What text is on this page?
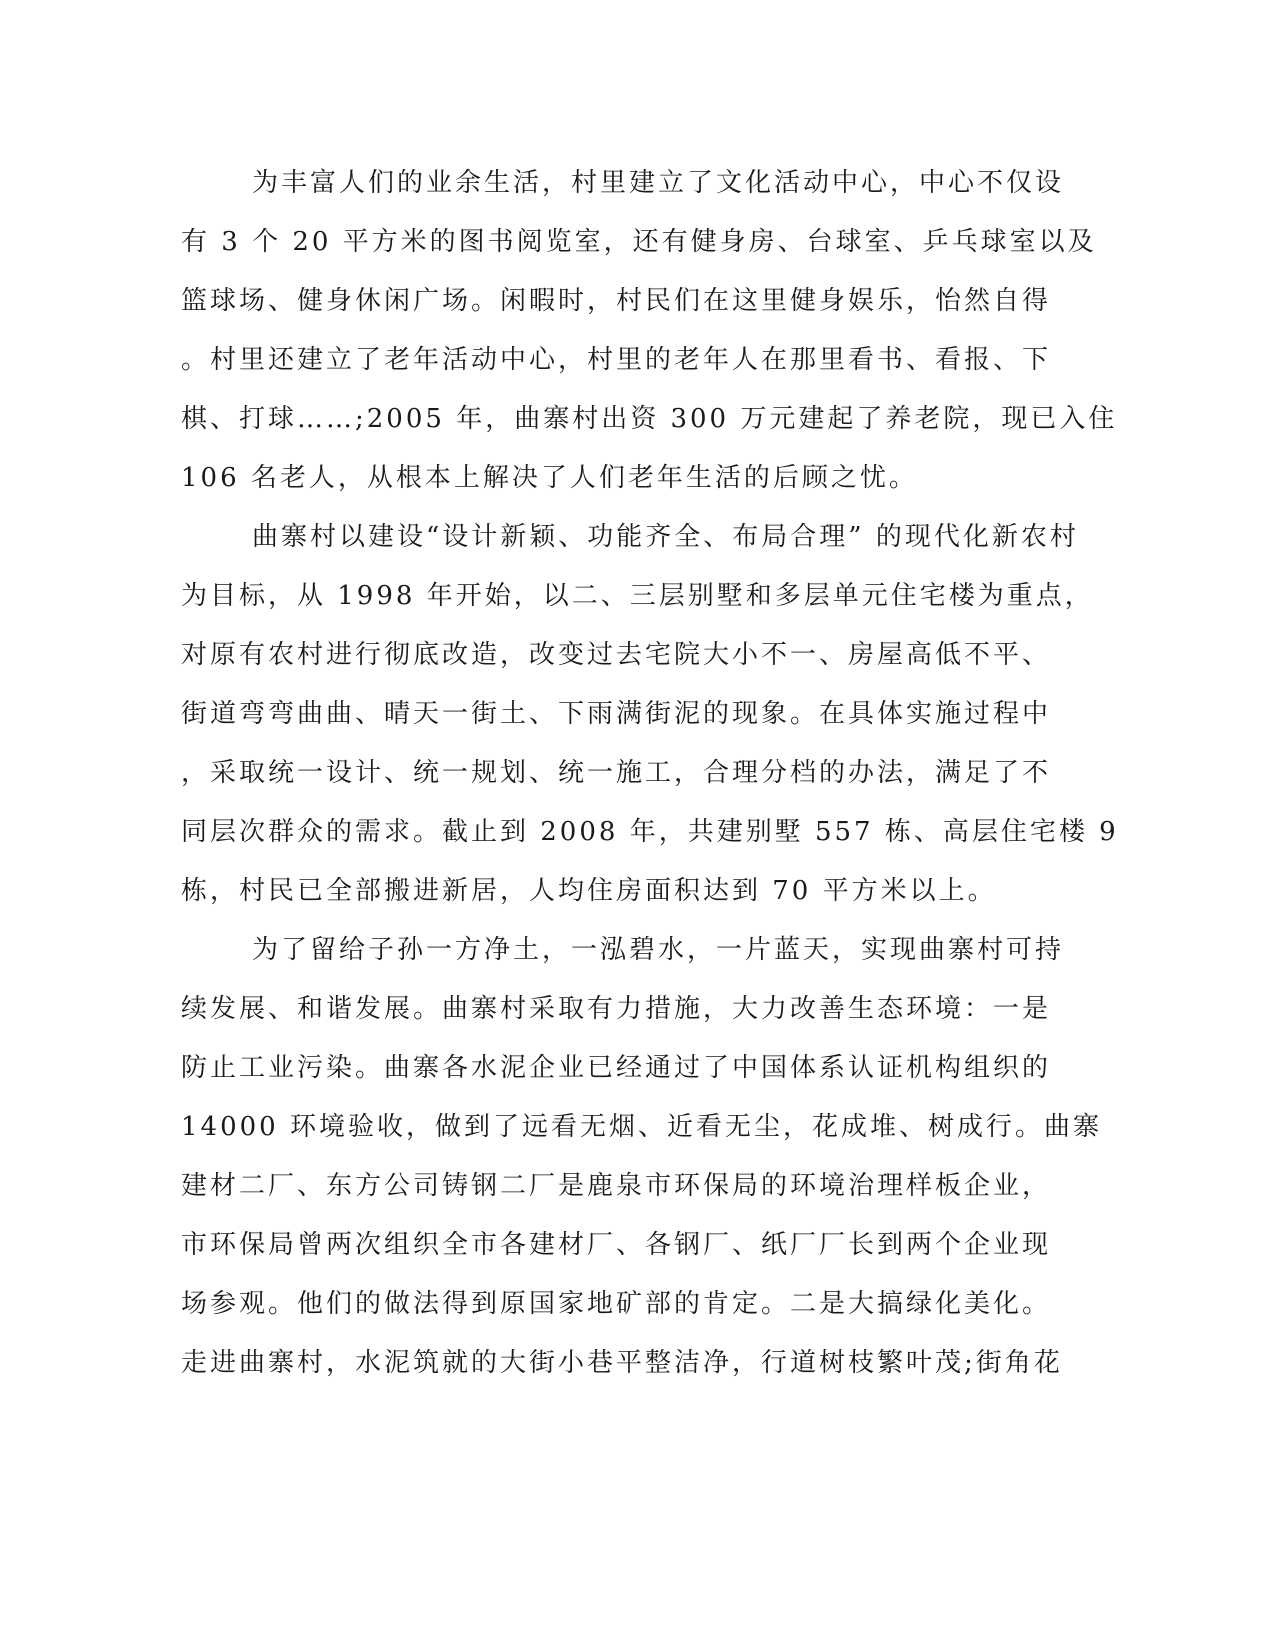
为丰富人们的业余生活，村里建立了文化活动中心，中心不仅设
有 3 个 20 平方米的图书阅览室，还有健身房、台球室、乒乓球室以及
篮球场、健身休闲广场。闲暇时，村民们在这里健身娱乐，怡然自得
。村里还建立了老年活动中心，村里的老年人在那里看书、看报、下
棋、打球……;2005 年，曲寨村出资 300 万元建起了养老院，现已入住
106 名老人，从根本上解决了人们老年生活的后顾之忧。
曲寨村以建设“设计新颖、功能齐全、布局合理” 的现代化新农村
为目标，从 1998 年开始，以二、三层别墅和多层单元住宅楼为重点，
对原有农村进行彻底改造，改变过去宅院大小不一、房屋高低不平、
街道弯弯曲曲、晴天一街土、下雨满街泥的现象。在具体实施过程中
，采取统一设计、统一规划、统一施工，合理分档的办法，满足了不
同层次群众的需求。截止到 2008 年，共建别墅 557 栋、高层住宅楼 9
栋，村民已全部搬进新居，人均住房面积达到 70 平方米以上。
为了留给子孙一方净土，一泓碧水，一片蓝天，实现曲寨村可持
续发展、和谐发展。曲寨村采取有力措施，大力改善生态环境：一是
防止工业污染。曲寨各水泥企业已经通过了中国体系认证机构组织的
14000 环境验收，做到了远看无烟、近看无尘，花成堆、树成行。曲寨
建材二厂、东方公司铸钢二厂是鹿泉市环保局的环境治理样板企业，
市环保局曾两次组织全市各建材厂、各钢厂、纸厂厂长到两个企业现
场参观。他们的做法得到原国家地矿部的肯定。二是大搞绿化美化。
走进曲寨村，水泥筑就的大街小巷平整洁净，行道树枝繁叶茂;街角花
